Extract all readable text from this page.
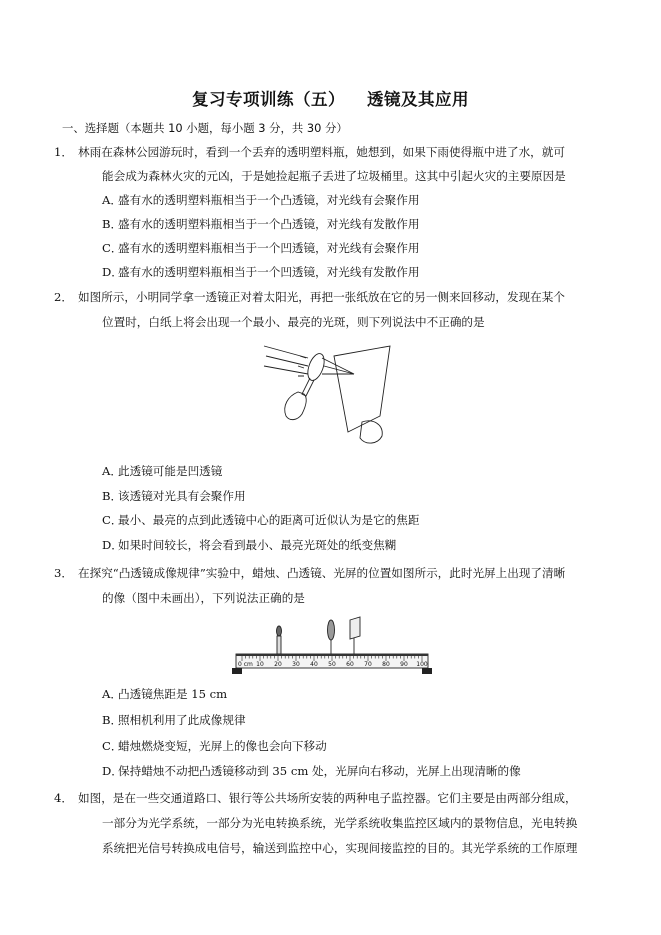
复习专项训练（五） 透镜及其应用
一、选择题（本题共 10 小题，每小题 3 分，共 30 分）
1． 林雨在森林公园游玩时，看到一个丢弃的透明塑料瓶，她想到，如果下雨使得瓶中进了水，就可
能会成为森林火灾的元凶，于是她捡起瓶子丢进了垃圾桶里。这其中引起火灾的主要原因是
A．盛有水的透明塑料瓶相当于一个凸透镜，对光线有会聚作用
B．盛有水的透明塑料瓶相当于一个凸透镜，对光线有发散作用
C．盛有水的透明塑料瓶相当于一个凹透镜，对光线有会聚作用
D．盛有水的透明塑料瓶相当于一个凹透镜，对光线有发散作用
2． 如图所示，小明同学拿一透镜正对着太阳光，再把一张纸放在它的另一侧来回移动，发现在某个
位置时，白纸上将会出现一个最小、最亮的光斑，则下列说法中不正确的是
A．此透镜可能是凹透镜
B．该透镜对光具有会聚作用
C．最小、最亮的点到此透镜中心的距离可近似认为是它的焦距
D．如果时间较长，将会看到最小、最亮光斑处的纸变焦糊
3． 在探究“凸透镜成像规律”实验中，蜡烛、凸透镜、光屏的位置如图所示，此时光屏上出现了清晰
的像（图中未画出），下列说法正确的是
0 cm 10 20 30 40 50 60 70 80 90 100
A．凸透镜焦距是 15 cm
B．照相机利用了此成像规律
C．蜡烛燃烧变短，光屏上的像也会向下移动
D．保持蜡烛不动把凸透镜移动到 35 cm 处，光屏向右移动，光屏上出现清晰的像
4． 如图，是在一些交通道路口、银行等公共场所安装的两种电子监控器。它们主要是由两部分组成，
一部分为光学系统，一部分为光电转换系统，光学系统收集监控区域内的景物信息，光电转换
系统把光信号转换成电信号，输送到监控中心，实现间接监控的目的。其光学系统的工作原理
